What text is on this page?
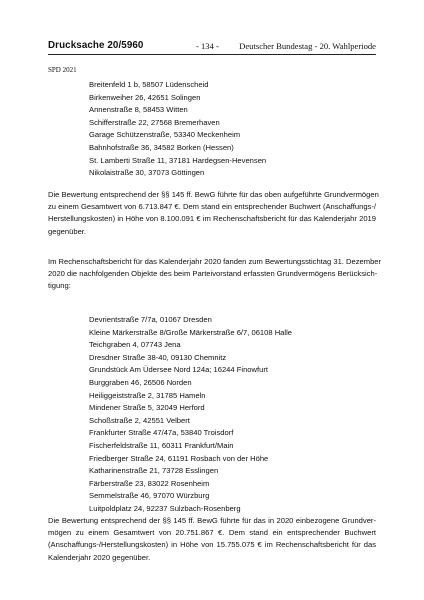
Drucksache 20/5960	- 134 - Deutscher Bundestag - 20. Wahlperiode
SPD 2021
Breitenfeld 1 b, 58507 Lüdenscheid
Birkenweiher 26, 42651 Solingen
Annenstraße 8, 58453 Witten
Schifferstraße 22, 27568 Bremerhaven
Garage Schützenstraße, 53340 Meckenheim
Bahnhofstraße 36, 34582 Borken (Hessen)
St. Lamberti Straße 11, 37181 Hardegsen-Hevensen
Nikolaistraße 30, 37073 Göttingen

Die Bewertung entsprechend der §§ 145 ff. BewG führte für das oben aufgeführte Grundvermögen
zu einem Gesamtwert von 6.713.847 €. Dem stand ein entsprechender Buchwert (Anschaffungs-/
Herstellungskosten) in Höhe von 8.100.091 € im Rechenschaftsbericht für das Kalenderjahr 2019
gegenüber.

Im Rechenschaftsbericht für das Kalenderjahr 2020 fanden zum Bewertungsstichtag 31. Dezember
2020 die nachfolgenden Objekte des beim Parteivorstand erfassten Grundvermögens Berücksich-
tigung:

Devrientstraße 7/7a, 01067 Dresden
Kleine Märkerstraße 8/Große Märkerstraße 6/7, 06108 Halle
Teichgraben 4, 07743 Jena
Dresdner Straße 38-40, 09130 Chemnitz
Grundstück Am Üdersee Nord 124a; 16244 Finowfurt
Burggraben 46, 26506 Norden
Heiliggeiststraße 2, 31785 Hameln
Mindener Straße 5, 32049 Herford
Schoßstraße 2, 42551 Velbert
Frankfurter Straße 47/47a, 53840 Troisdorf
Fischerfeldstraße 11, 60311 Frankfurt/Main
Friedberger Straße 24, 61191 Rosbach von der Höhe
Katharinenstraße 21, 73728 Esslingen
Färberstraße 23, 83022 Rosenheim
Semmelstraße 46, 97070 Würzburg
Luitpoldplatz 24, 92237 Sulzbach-Rosenberg

Die Bewertung entsprechend der §§ 145 ff. BewG führte für das in 2020 einbezogene Grundver-
mögen zu einem Gesamtwert von 20.751.867 €. Dem stand ein entsprechender Buchwert
(Anschaffungs-/Herstellungskosten) in Höhe von 15.755.075 € im Rechenschaftsbericht für das
Kalenderjahr 2020 gegenüber.
